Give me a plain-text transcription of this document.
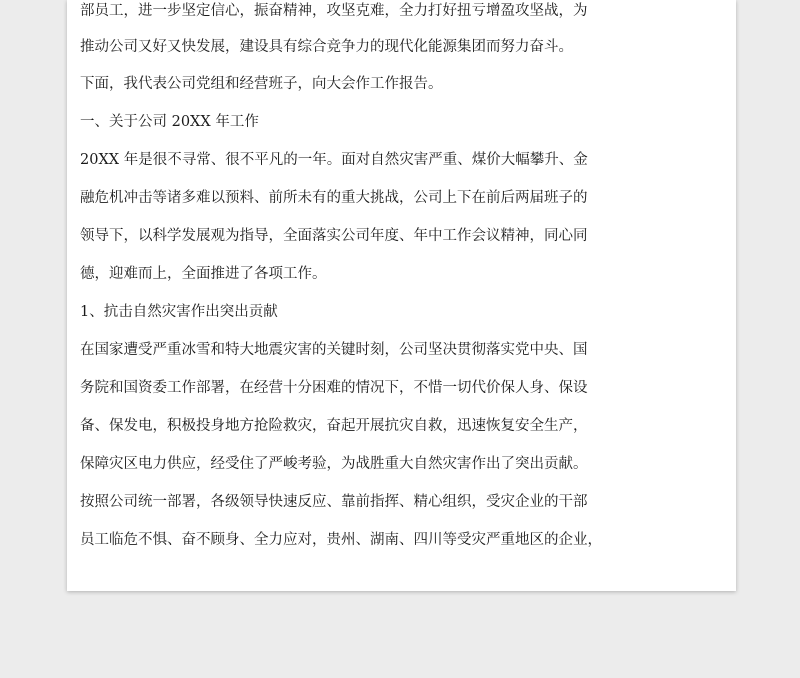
部员工，进一步坚定信心，振奋精神，攻坚克难，全力打好扭亏增盈攻坚战，为
推动公司又好又快发展，建设具有综合竞争力的现代化能源集团而努力奋斗。
下面，我代表公司党组和经营班子，向大会作工作报告。
一、关于公司 20XX 年工作
20XX 年是很不寻常、很不平凡的一年。面对自然灾害严重、煤价大幅攀升、金
融危机冲击等诸多难以预料、前所未有的重大挑战，公司上下在前后两届班子的
领导下，以科学发展观为指导，全面落实公司年度、年中工作会议精神，同心同
德，迎难而上，全面推进了各项工作。
1、抗击自然灾害作出突出贡献
在国家遭受严重冰雪和特大地震灾害的关键时刻，公司坚决贯彻落实党中央、国
务院和国资委工作部署，在经营十分困难的情况下，不惜一切代价保人身、保设
备、保发电，积极投身地方抢险救灾，奋起开展抗灾自救，迅速恢复安全生产，
保障灾区电力供应，经受住了严峻考验，为战胜重大自然灾害作出了突出贡献。
按照公司统一部署，各级领导快速反应、靠前指挥、精心组织，受灾企业的干部
员工临危不惧、奋不顾身、全力应对，贵州、湖南、四川等受灾严重地区的企业，
